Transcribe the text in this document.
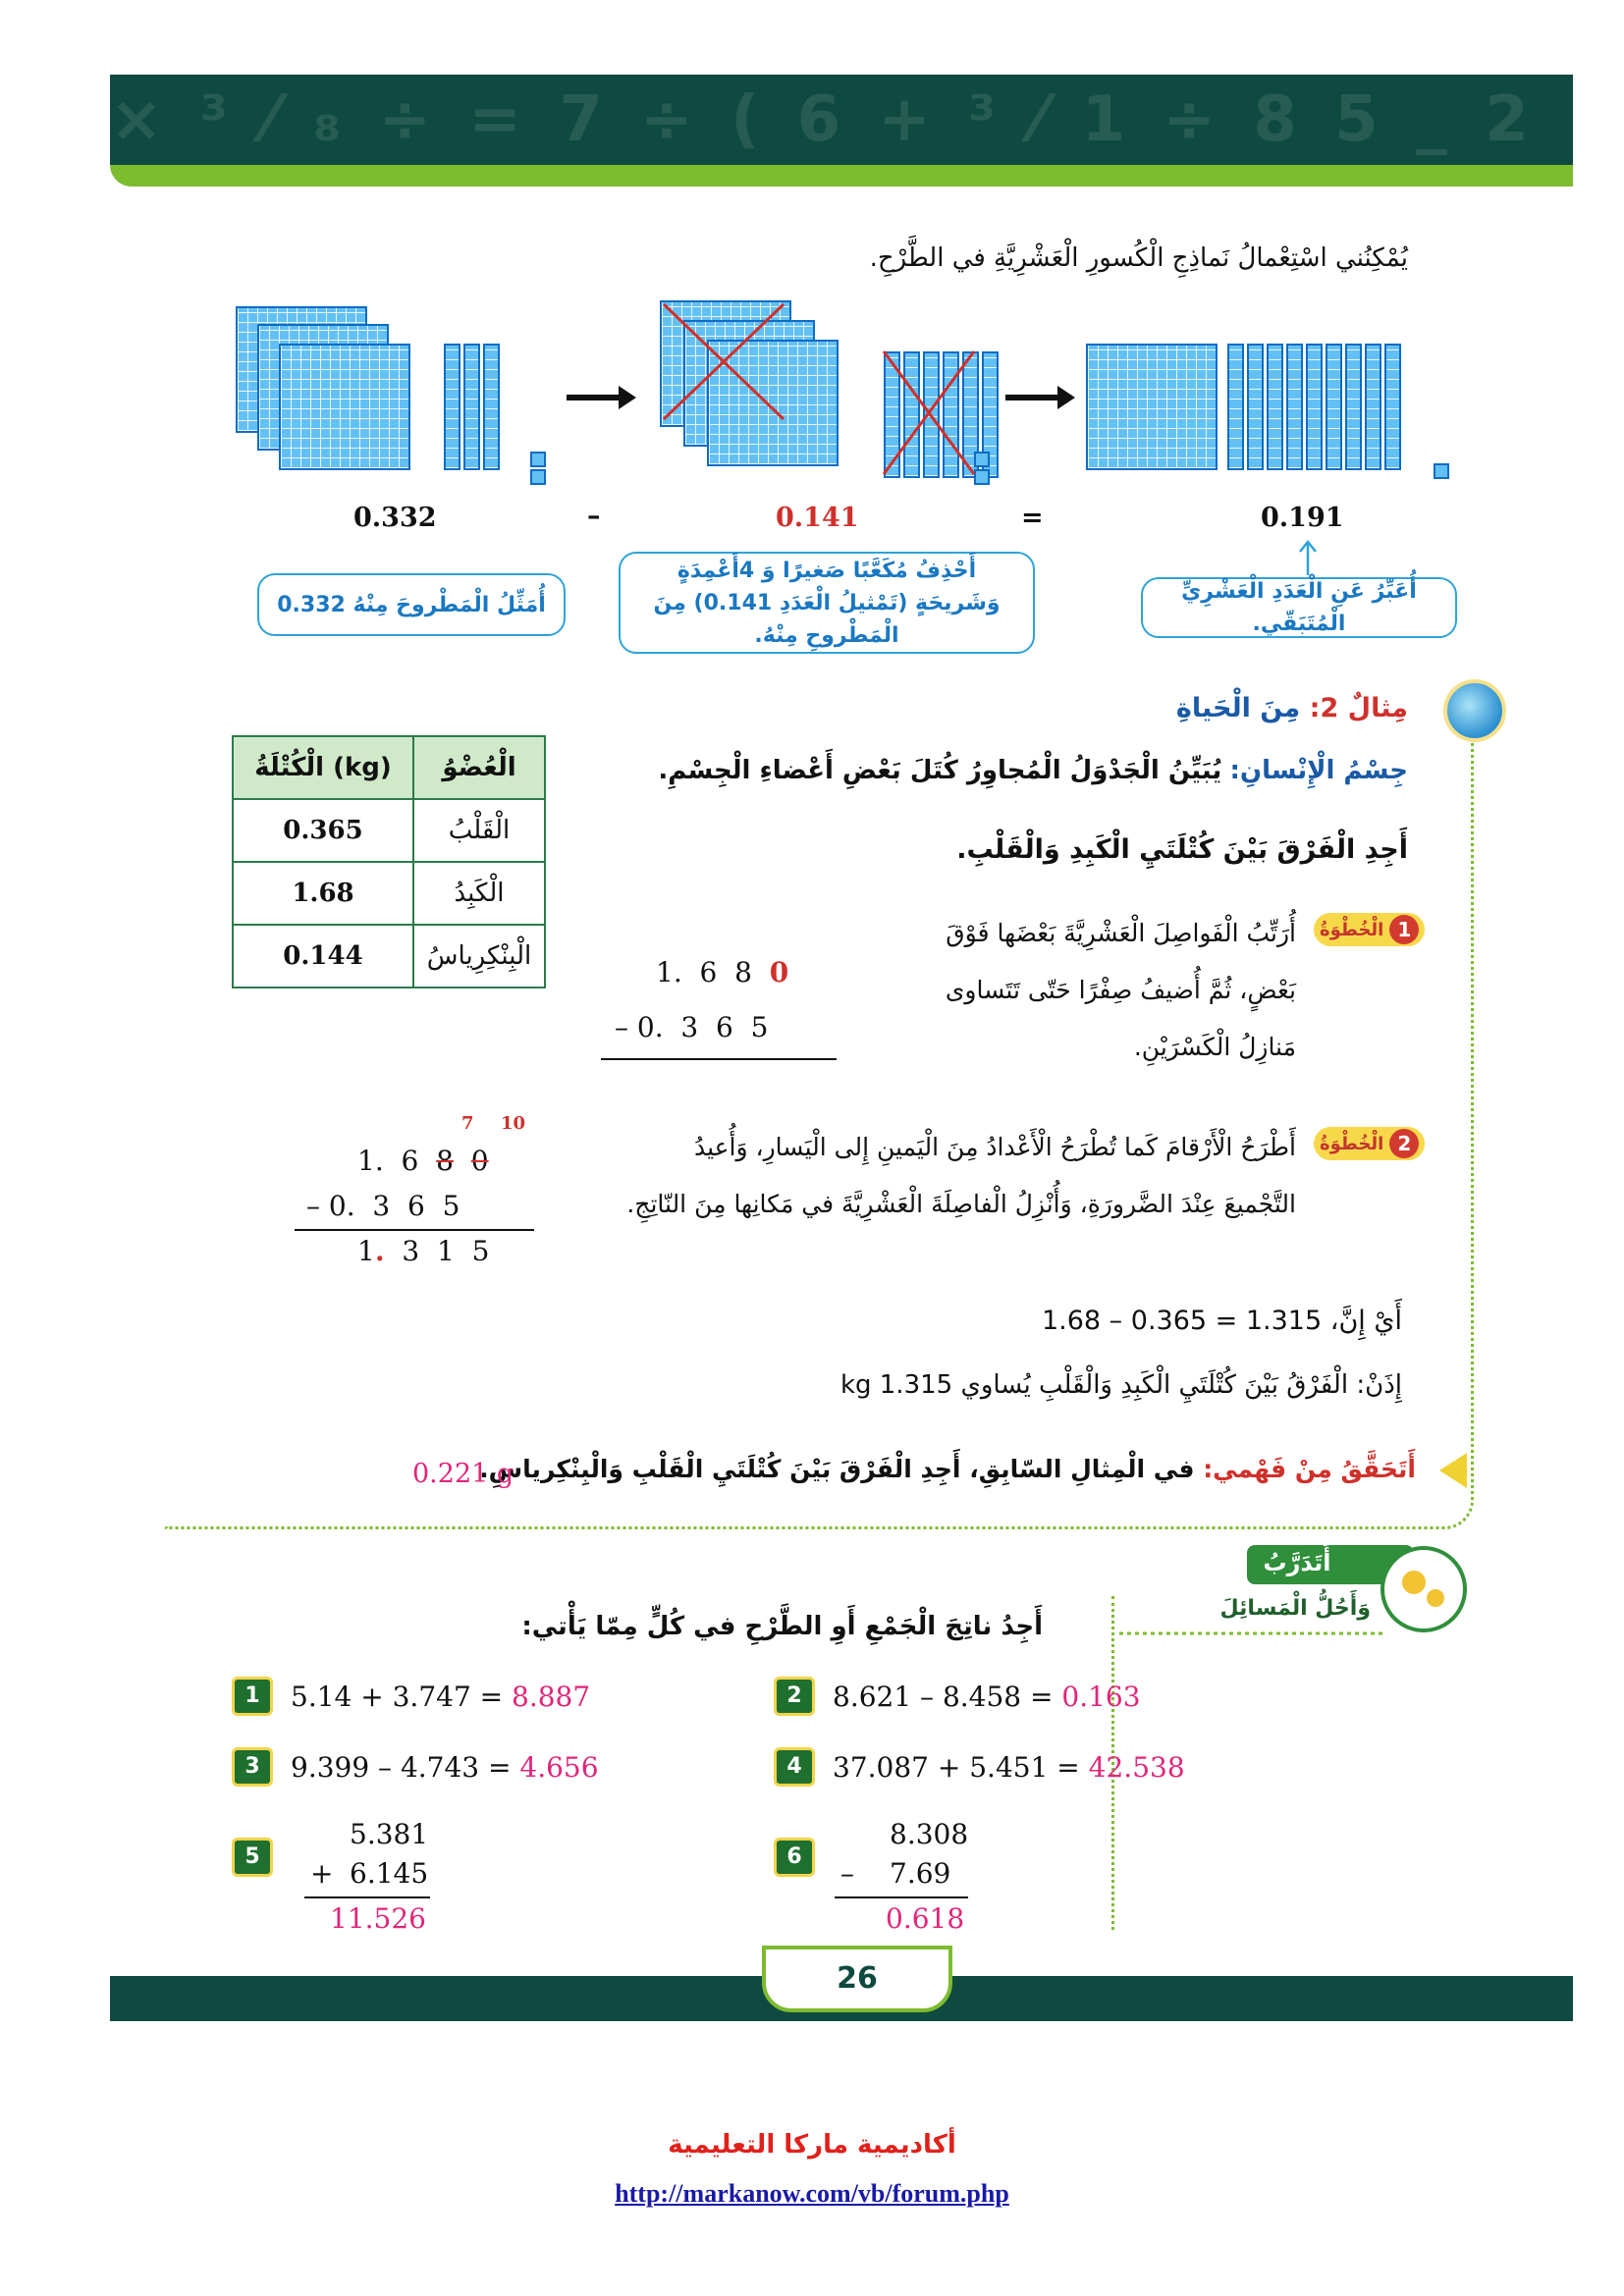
× ³ ⁄ ₈ ÷ = 7 ÷ ( 6 + ³ ⁄ 1 ÷ 8 5 _ 2
يُمْكِنُني اسْتِعْمالُ نَماذِجِ الْكُسورِ الْعَشْرِيَّةِ في الطَّرْحِ.
0.332	–	0.141	=	0.191
أُمَثِّلُ الْمَطْروحَ مِنْهُ 0.332
أَحْذِفُ مُكَعَّبًا صَغيرًا وَ 4أَعْمِدَةٍ وَشَريحَةٍ (تَمْثيلُ الْعَدَدِ 0.141) مِنَ الْمَطْروحِ مِنْهُ.
أُعَبِّرُ عَنِ الْعَدَدِ الْعَشْرِيِّ الْمُتَبَقّي.
مِثالٌ 2: مِنَ الْحَياةِ
جِسْمُ الْإِنْسانِ: يُبَيِّنُ الْجَدْوَلُ الْمُجاوِرُ كُتَلَ بَعْضِ أَعْضاءِ الْجِسْمِ.
أَجِدِ الْفَرْقَ بَيْنَ كُتْلَتَيِ الْكَبِدِ وَالْقَلْبِ.
الْكُتْلَةُ (kg)	الْعُضْوُ
0.365	الْقَلْبُ
1.68	الْكَبِدُ
0.144	الْبِنْكِرِياسُ
1
الْخُطْوَةُ
أُرَتِّبُ الْفَواصِلَ الْعَشْرِيَّةَ بَعْضَها فَوْقَ
بَعْضٍ، ثُمَّ أُضيفُ صِفْرًا حَتّى تَتَساوى
مَنازِلُ الْكَسْرَيْنِ.
1.  6  8  0
– 0.  3  6  5
2
الْخُطْوَةُ
أَطْرَحُ الْأَرْقامَ كَما تُطْرَحُ الْأَعْدادُ مِنَ الْيَمينِ إِلى الْيَسارِ، وَأُعيدُ
التَّجْميعَ عِنْدَ الضَّرورَةِ، وَأُنْزِلُ الْفاصِلَةَ الْعَشْرِيَّةَ في مَكانِها مِنَ النّاتِجِ.
7 10
1.  6  8 0
– 0.  3  6  5
1.  3  1  5
أَيْ إِنَّ، 1.315 = 0.365 – 1.68
إِذَنْ: الْفَرْقُ بَيْنَ كُتْلَتَيِ الْكَبِدِ وَالْقَلْبِ يُساوي 1.315 kg
أَتَحَقَّقُ مِنْ فَهْمي: في الْمِثالِ السّابِقِ، أَجِدِ الْفَرْقَ بَيْنَ كُتْلَتَيِ الْقَلْبِ وَالْبِنْكِرياسِ.
0.221 g
أَتَدَرَّبُ
وَأَحُلُّ الْمَسائِلَ
أَجِدُ ناتِجَ الْجَمْعِ أَوِ الطَّرْحِ في كُلٍّ مِمّا يَأْتي:
1	5.14 + 3.747 = 8.887	2	8.621 – 8.458 = 0.163
3	9.399 – 4.743 = 4.656	4	37.087 + 5.451 = 42.538
5
5.381
+ 6.145
11.526
6
8.308
– 7.69
0.618
26
أكاديمية ماركا التعليمية
http://markanow.com/vb/forum.php
